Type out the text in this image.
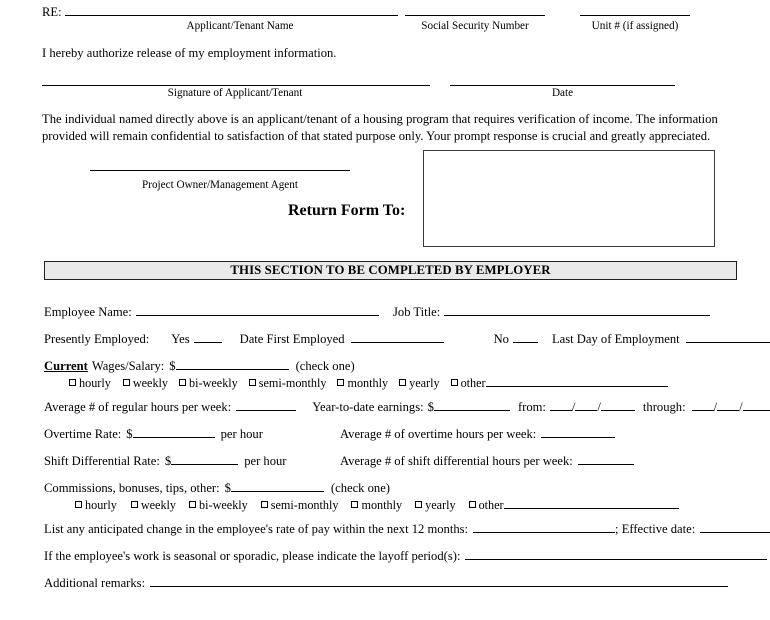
RE:
Applicant/Tenant Name	Social Security Number	Unit # (if assigned)
I hereby authorize release of my employment information.
Signature of Applicant/Tenant	Date
The individual named directly above is an applicant/tenant of a housing program that requires verification of income. The information provided will remain confidential to satisfaction of that stated purpose only. Your prompt response is crucial and greatly appreciated.
Project Owner/Management Agent
Return Form To:
THIS SECTION TO BE COMPLETED BY EMPLOYER
Employee Name:	Job Title:
Presently Employed: Yes	Date First Employed	No	Last Day of Employment
Current Wages/Salary: $	(check one)
hourly weekly bi-weekly semi-monthly monthly yearly other
Average # of regular hours per week:	Year-to-date earnings: $	from: / /	through: / /
Overtime Rate: $	per hour	Average # of overtime hours per week:
Shift Differential Rate: $	per hour	Average # of shift differential hours per week:
Commissions, bonuses, tips, other: $	(check one)
hourly weekly bi-weekly semi-monthly monthly yearly other
List any anticipated change in the employee's rate of pay within the next 12 months:	; Effective date:
If the employee's work is seasonal or sporadic, please indicate the layoff period(s):
Additional remarks:
